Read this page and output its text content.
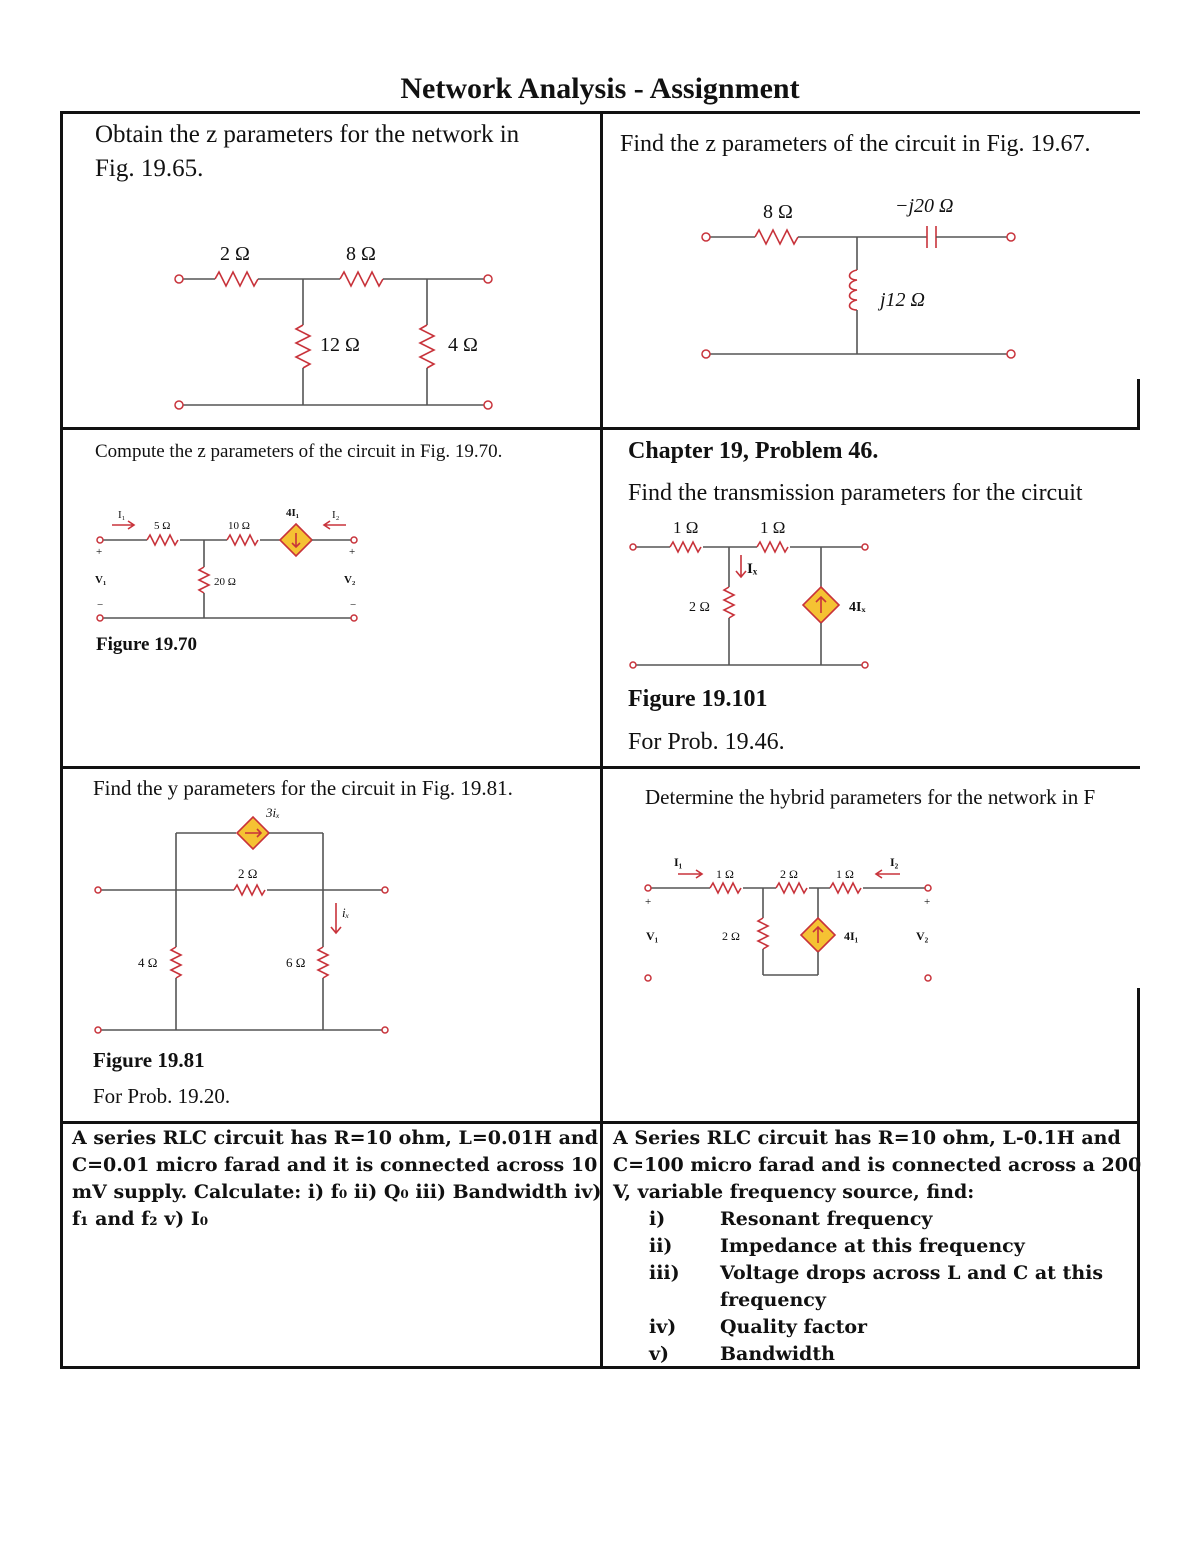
Network Analysis - Assignment
Obtain the z parameters for the network in
Fig. 19.65.
2 Ω	8 Ω
12 Ω	4 Ω
Find the z parameters of the circuit in Fig. 19.67.
8 Ω	−j20 Ω
j12 Ω
Compute the z parameters of the circuit in Fig. 19.70.
I₁	I₂
5 Ω	10 Ω
20 Ω
4I₁
V₁	V₂
+	+
−	−
Figure 19.70
Chapter 19, Problem 46.
Find the transmission parameters for the circuit
1 Ω	1 Ω
2 Ω
Iₓ
4Iₓ
Figure 19.101
For Prob. 19.46.
Find the y parameters for the circuit in Fig. 19.81.
3iₓ
2 Ω
4 Ω	6 Ω
iₓ
Figure 19.81
For Prob. 19.20.
Determine the hybrid parameters for the network in F
I₁	I₂
1 Ω	2 Ω	1 Ω
2 Ω	4I₁
V₁	V₂
+	+
A series RLC circuit has R=10 ohm, L=0.01H and
C=0.01 micro farad and it is connected across 10
mV supply. Calculate: i) f₀ ii) Q₀ iii) Bandwidth iv)
f₁ and f₂ v) I₀
A Series RLC circuit has R=10 ohm, L-0.1H and
C=100 micro farad and is connected across a 200
V, variable frequency source, find:
i)	Resonant frequency
ii)	Impedance at this frequency
iii) Voltage drops across L and C at this
frequency
iv) Quality factor
v)	Bandwidth
